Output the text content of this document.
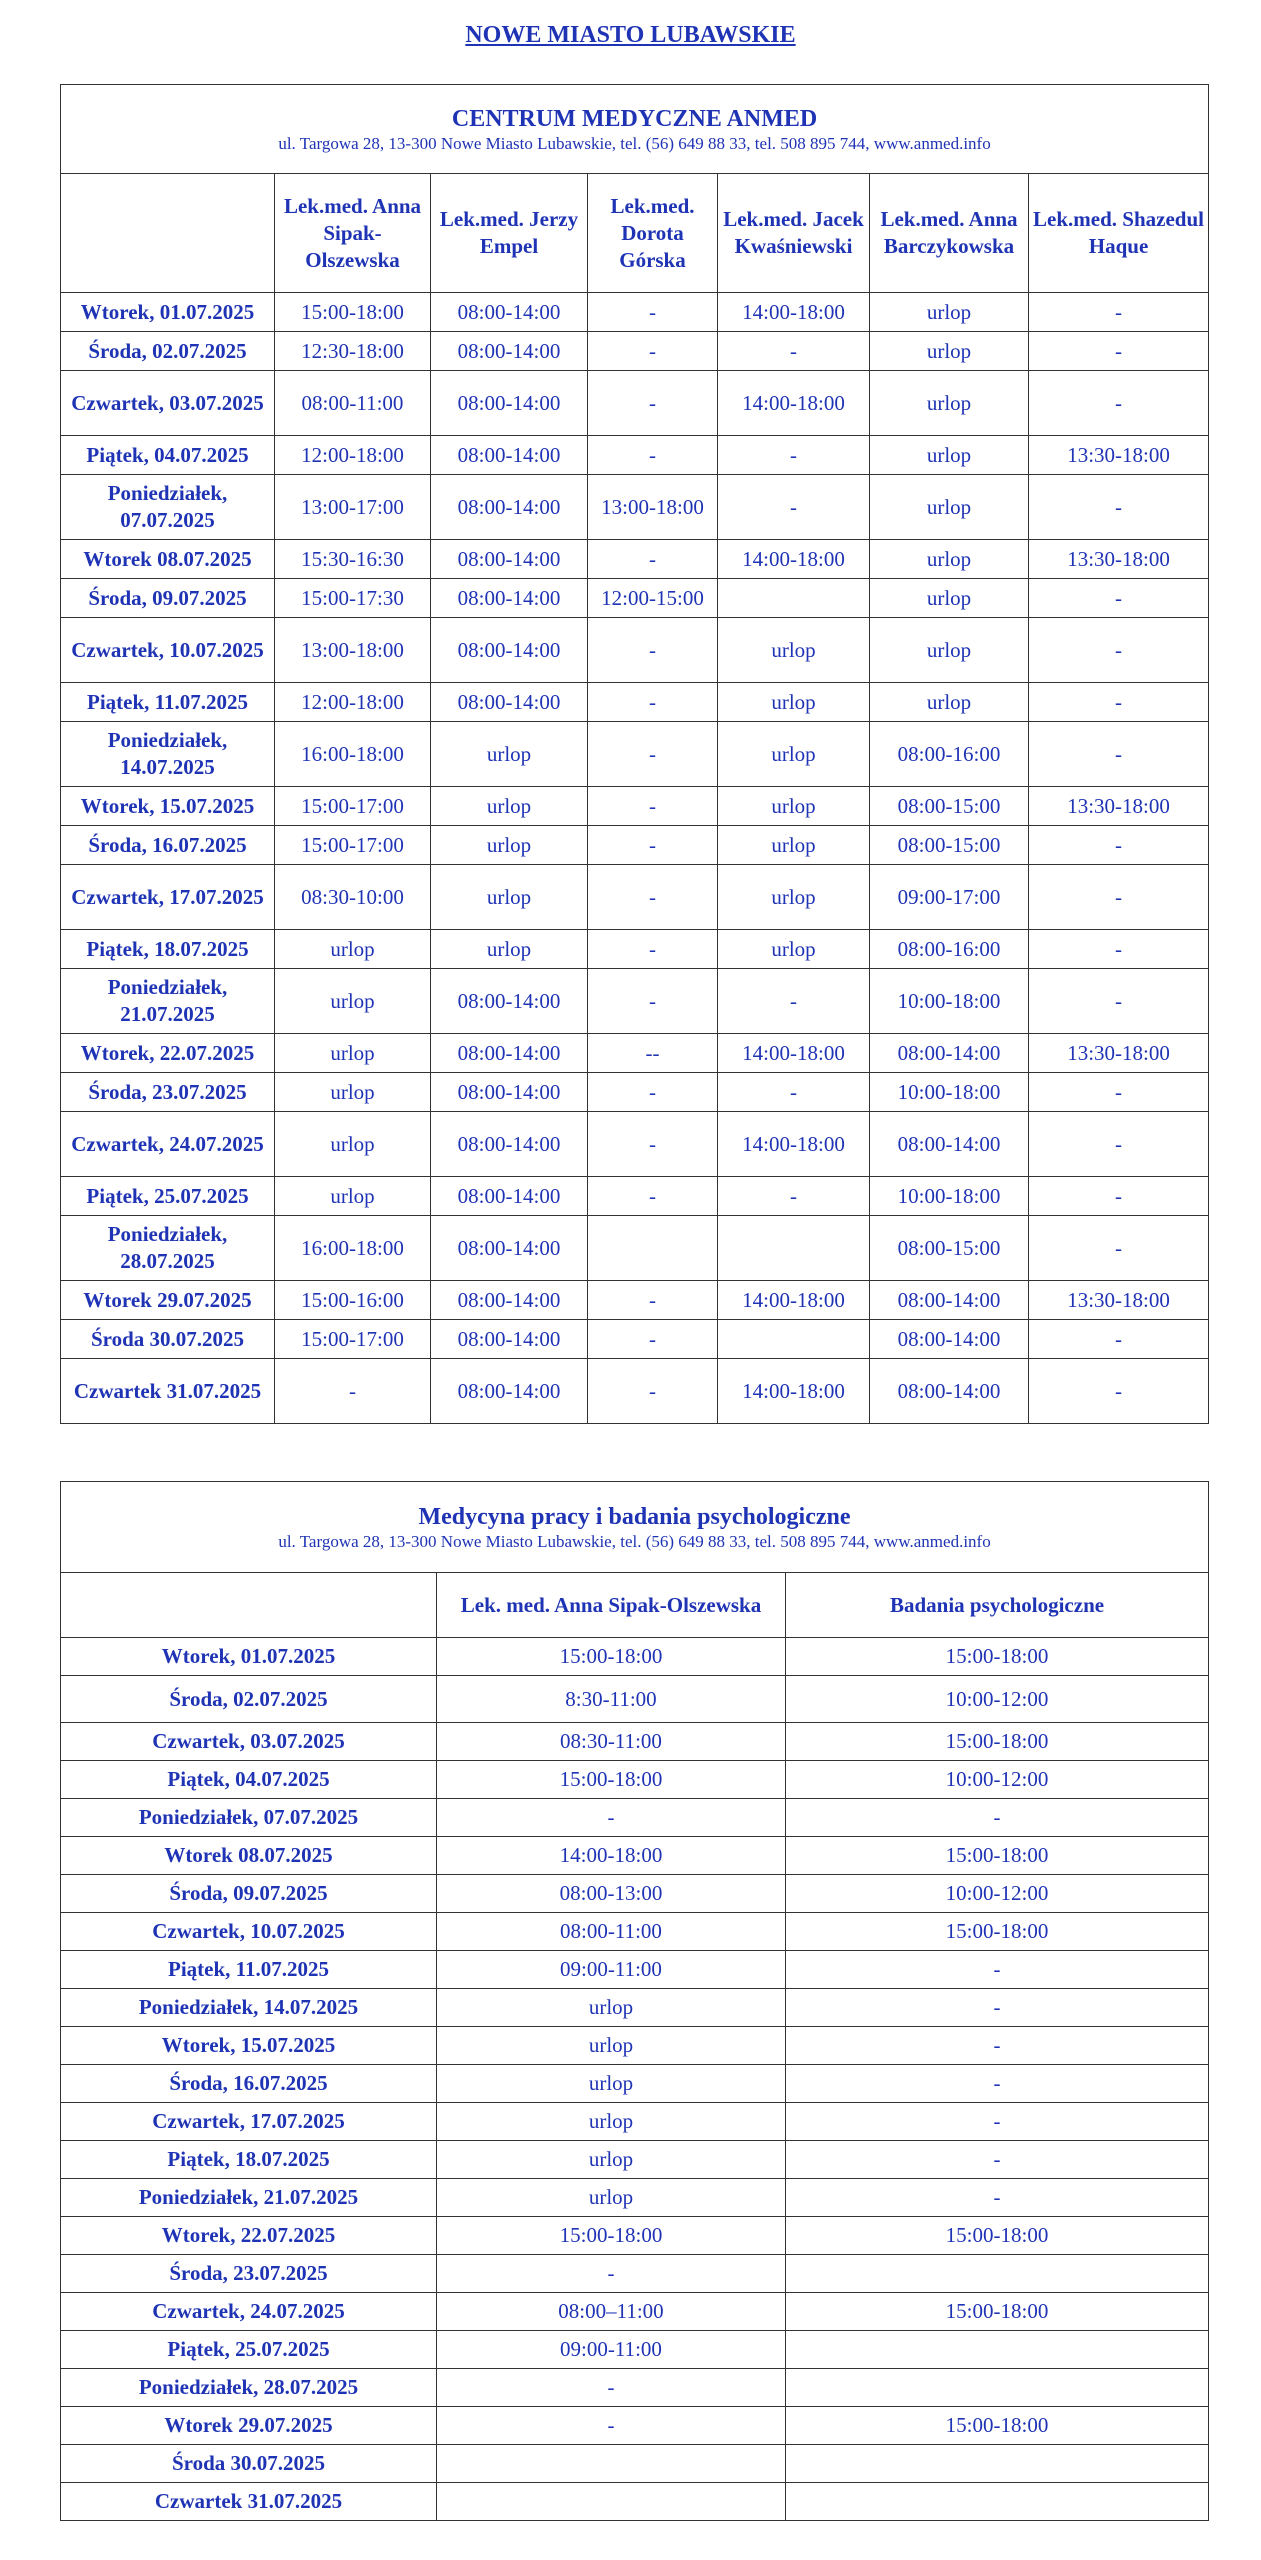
NOWE MIASTO LUBAWSKIE
CENTRUM MEDYCZNE ANMED
ul. Targowa 28, 13-300 Nowe Miasto Lubawskie, tel. (56) 649 88 33, tel. 508 895 744, www.anmed.info						

	Lek.med. Anna Sipak-Olszewska	Lek.med. Jerzy Empel	Lek.med. Dorota Górska	Lek.med. Jacek Kwaśniewski	Lek.med. Anna Barczykowska	Lek.med. Shazedul Haque
Wtorek, 01.07.2025	15:00-18:00	08:00-14:00	-	14:00-18:00	urlop	-
Środa, 02.07.2025	12:30-18:00	08:00-14:00	-	-	urlop	-
Czwartek, 03.07.2025	08:00-11:00	08:00-14:00	-	14:00-18:00	urlop	-
Piątek, 04.07.2025	12:00-18:00	08:00-14:00	-	-	urlop	13:30-18:00
Poniedziałek, 07.07.2025	13:00-17:00	08:00-14:00	13:00-18:00	-	urlop	-
Wtorek 08.07.2025	15:30-16:30	08:00-14:00	-	14:00-18:00	urlop	13:30-18:00
Środa, 09.07.2025	15:00-17:30	08:00-14:00	12:00-15:00		urlop	-
Czwartek, 10.07.2025	13:00-18:00	08:00-14:00	-	urlop	urlop	-
Piątek, 11.07.2025	12:00-18:00	08:00-14:00	-	urlop	urlop	-
Poniedziałek, 14.07.2025	16:00-18:00	urlop	-	urlop	08:00-16:00	-
Wtorek, 15.07.2025	15:00-17:00	urlop	-	urlop	08:00-15:00	13:30-18:00
Środa, 16.07.2025	15:00-17:00	urlop	-	urlop	08:00-15:00	-
Czwartek, 17.07.2025	08:30-10:00	urlop	-	urlop	09:00-17:00	-
Piątek, 18.07.2025	urlop	urlop	-	urlop	08:00-16:00	-
Poniedziałek, 21.07.2025	urlop	08:00-14:00	-	-	10:00-18:00	-
Wtorek, 22.07.2025	urlop	08:00-14:00	--	14:00-18:00	08:00-14:00	13:30-18:00
Środa, 23.07.2025	urlop	08:00-14:00	-	-	10:00-18:00	-
Czwartek, 24.07.2025	urlop	08:00-14:00	-	14:00-18:00	08:00-14:00	-
Piątek, 25.07.2025	urlop	08:00-14:00	-	-	10:00-18:00	-
Poniedziałek, 28.07.2025	16:00-18:00	08:00-14:00			08:00-15:00	-
Wtorek 29.07.2025	15:00-16:00	08:00-14:00	-	14:00-18:00	08:00-14:00	13:30-18:00
Środa 30.07.2025	15:00-17:00	08:00-14:00	-		08:00-14:00	-
Czwartek 31.07.2025	-	08:00-14:00	-	14:00-18:00	08:00-14:00	-
Medycyna pracy i badania psychologiczne
ul. Targowa 28, 13-300 Nowe Miasto Lubawskie, tel. (56) 649 88 33, tel. 508 895 744, www.anmed.info		

	Lek. med. Anna Sipak-Olszewska	Badania psychologiczne
Wtorek, 01.07.2025	15:00-18:00	15:00-18:00
Środa, 02.07.2025	8:30-11:00	10:00-12:00
Czwartek, 03.07.2025	08:30-11:00	15:00-18:00
Piątek, 04.07.2025	15:00-18:00	10:00-12:00
Poniedziałek, 07.07.2025	-	-
Wtorek 08.07.2025	14:00-18:00	15:00-18:00
Środa, 09.07.2025	08:00-13:00	10:00-12:00
Czwartek, 10.07.2025	08:00-11:00	15:00-18:00
Piątek, 11.07.2025	09:00-11:00	-
Poniedziałek, 14.07.2025	urlop	-
Wtorek, 15.07.2025	urlop	-
Środa, 16.07.2025	urlop	-
Czwartek, 17.07.2025	urlop	-
Piątek, 18.07.2025	urlop	-
Poniedziałek, 21.07.2025	urlop	-
Wtorek, 22.07.2025	15:00-18:00	15:00-18:00
Środa, 23.07.2025	-	
Czwartek, 24.07.2025	08:00–11:00	15:00-18:00
Piątek, 25.07.2025	09:00-11:00	
Poniedziałek, 28.07.2025	-	
Wtorek 29.07.2025	-	15:00-18:00
Środa 30.07.2025		
Czwartek 31.07.2025		
